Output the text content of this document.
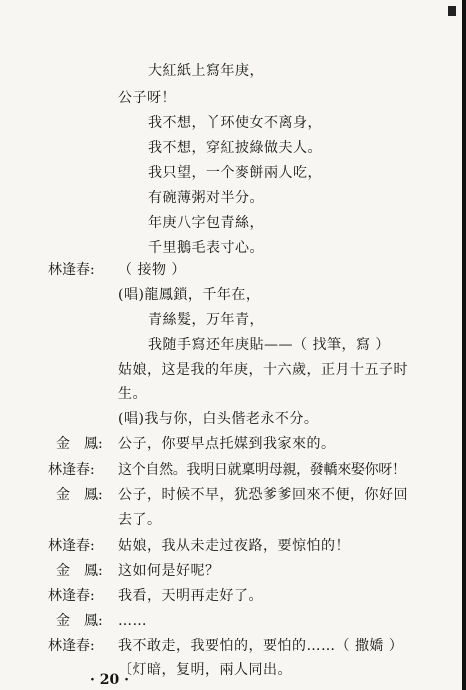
大紅紙上寫年庚，
公子呀！
我不想，丫环使女不离身，
我不想，穿紅披綠做夫人。
我只望，一个麥餅兩人吃，
有碗薄粥对半分。
年庚八字包青絲，
千里鵝毛表寸心。
林逢春: （ 接物 ）
(唱)龍鳳鎖，千年在，
青絲髮，万年青，
我随手寫还年庚貼——（ 找筆，寫 ）
姑娘，这是我的年庚，十六歲，正月十五子时
生。
(唱)我与你，白头偕老永不分。
金　鳳: 公子，你要早点托媒到我家來的。
林逢春: 这个自然。我明日就稟明母親，發轎來娶你呀！
金　鳳: 公子，时候不早，犹恐爹爹回來不便，你好回
去了。
林逢春: 姑娘，我从未走过夜路，要惊怕的！
金　鳳: 这如何是好呢？
林逢春: 我看，天明再走好了。
金　鳳: ……
林逢春: 我不敢走，我要怕的，要怕的……（ 撒嬌 ）
〔灯暗，复明，兩人同出。
· 20 ·
